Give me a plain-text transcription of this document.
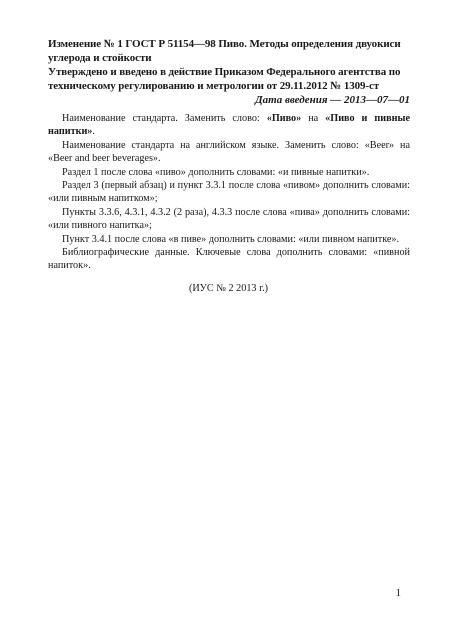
Изменение № 1 ГОСТ Р 51154—98 Пиво. Методы определения двуокиси углерода и стойкости
Утверждено и введено в действие Приказом Федерального агентства по техническому регулированию и метрологии от 29.11.2012 № 1309-ст
Дата введения — 2013—07—01

Наименование стандарта. Заменить слово: «Пиво» на «Пиво и пивные напитки».

Наименование стандарта на английском языке. Заменить слово: «Beer» на «Beer and beer beverages».

Раздел 1 после слова «пиво» дополнить словами: «и пивные напитки».

Раздел 3 (первый абзац) и пункт 3.3.1 после слова «пивом» дополнить словами: «или пивным напитком»;

Пункты 3.3.6, 4.3.1, 4.3.2 (2 раза), 4.3.3 после слова «пива» дополнить словами: «или пивного напитка»;

Пункт 3.4.1 после слова «в пиве» дополнить словами: «или пивном напитке».

Библиографические данные. Ключевые слова дополнить словами: «пивной напиток».

(ИУС № 2 2013 г.)
1
